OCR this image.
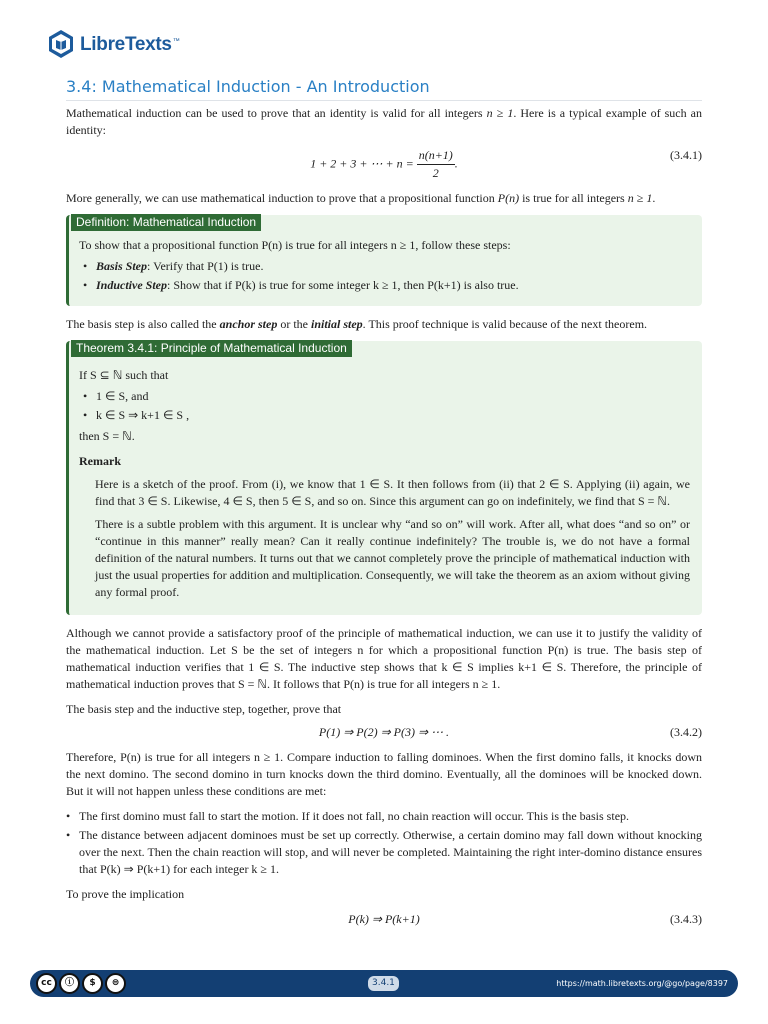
LibreTexts ™
3.4: Mathematical Induction - An Introduction

Mathematical induction can be used to prove that an identity is valid for all integers n ≥ 1. Here is a typical example of such an identity:

1 + 2 + 3 + ⋯ + $n = \frac{n(n+1)}{2}$ .
(3.4.1)

More generally, we can use mathematical induction to prove that a propositional function P(n) is true for all integers n ≥ 1.

Definition: Mathematical Induction

To show that a propositional function P(n) is true for all integers n ≥ 1, follow these steps:

• Basis Step: Verify that P(1) is true.
• Inductive Step: Show that if P(k) is true for some integer k ≥ 1, then P(k+1) is also true.

The basis step is also called the anchor step or the initial step. This proof technique is valid because of the next theorem.

Theorem 3.4.1: Principle of Mathematical Induction

If S ⊆ ℕ such that

• 1 ∈ S, and
• k ∈ S ⇒ k+1 ∈ S ,

then S = ℕ.

Remark

Here is a sketch of the proof. From (i), we know that 1 ∈ S. It then follows from (ii) that 2 ∈ S. Applying (ii) again, we find that 3 ∈ S. Likewise, 4 ∈ S, then 5 ∈ S, and so on. Since this argument can go on indefinitely, we find that S = ℕ.

There is a subtle problem with this argument. It is unclear why “and so on” will work. After all, what does “and so on” or “continue in this manner” really mean? Can it really continue indefinitely? The trouble is, we do not have a formal definition of the natural numbers. It turns out that we cannot completely prove the principle of mathematical induction with just the usual properties for addition and multiplication. Consequently, we will take the theorem as an axiom without giving any formal proof.

Although we cannot provide a satisfactory proof of the principle of mathematical induction, we can use it to justify the validity of the mathematical induction. Let S be the set of integers n for which a propositional function P(n) is true. The basis step of mathematical induction verifies that 1 ∈ S. The inductive step shows that k ∈ S implies k+1 ∈ S. Therefore, the principle of mathematical induction proves that S = ℕ. It follows that P(n) is true for all integers n ≥ 1.

The basis step and the inductive step, together, prove that

P(1) ⇒ P(2) ⇒ P(3) ⇒ ⋯ .	(3.4.2)

Therefore, P(n) is true for all integers n ≥ 1. Compare induction to falling dominoes. When the first domino falls, it knocks down the next domino. The second domino in turn knocks down the third domino. Eventually, all the dominoes will be knocked down. But it will not happen unless these conditions are met:

• The first domino must fall to start the motion. If it does not fall, no chain reaction will occur. This is the basis step.
• The distance between adjacent dominoes must be set up correctly. Otherwise, a certain domino may fall down without knocking over the next. Then the chain reaction will stop, and will never be completed. Maintaining the right inter-domino distance ensures that P(k) ⇒ P(k+1) for each integer k ≥ 1.

To prove the implication

P(k) ⇒ P(k+1)	(3.4.3)
cc	ⓘ	$	⊜	3.4.1	https://math.libretexts.org/@go/page/8397
